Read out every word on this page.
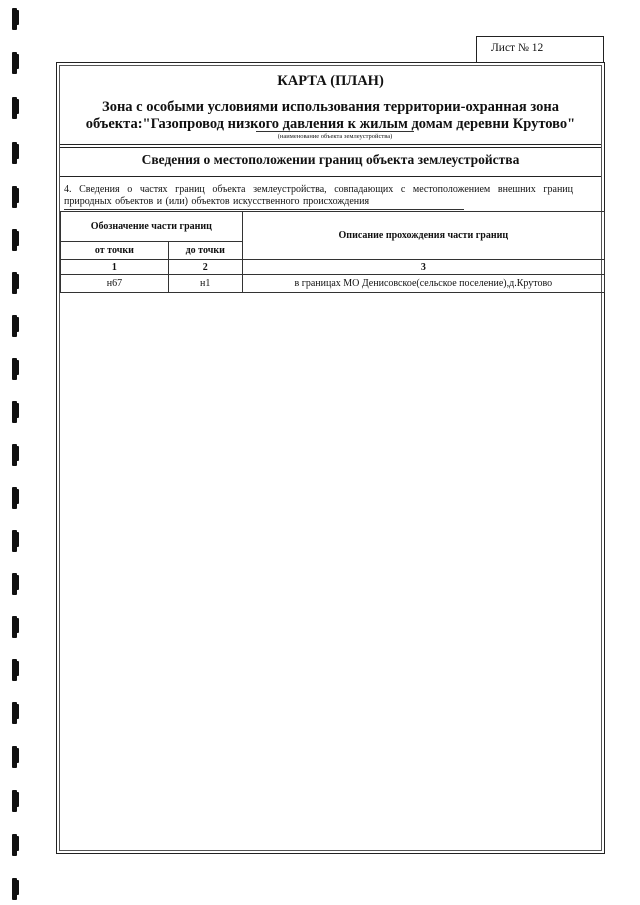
Лист № 12
КАРТА (ПЛАН)
Зона с особыми условиями использования территории-охранная зона
объекта:"Газопровод низкого давления к жилым домам деревни Крутово"
(наименование объекта землеустройства)
Сведения о местоположении границ объекта землеустройства
4. Сведения о частях границ объекта землеустройства, совпадающих с местоположением внешних границ природных объектов и (или) объектов искусственного происхождения
Обозначение части границ		Описание прохождения части границ
от точки	до точки	
1	2	3
н67	н1	в границах МО Денисовское(сельское поселение),д.Крутово
